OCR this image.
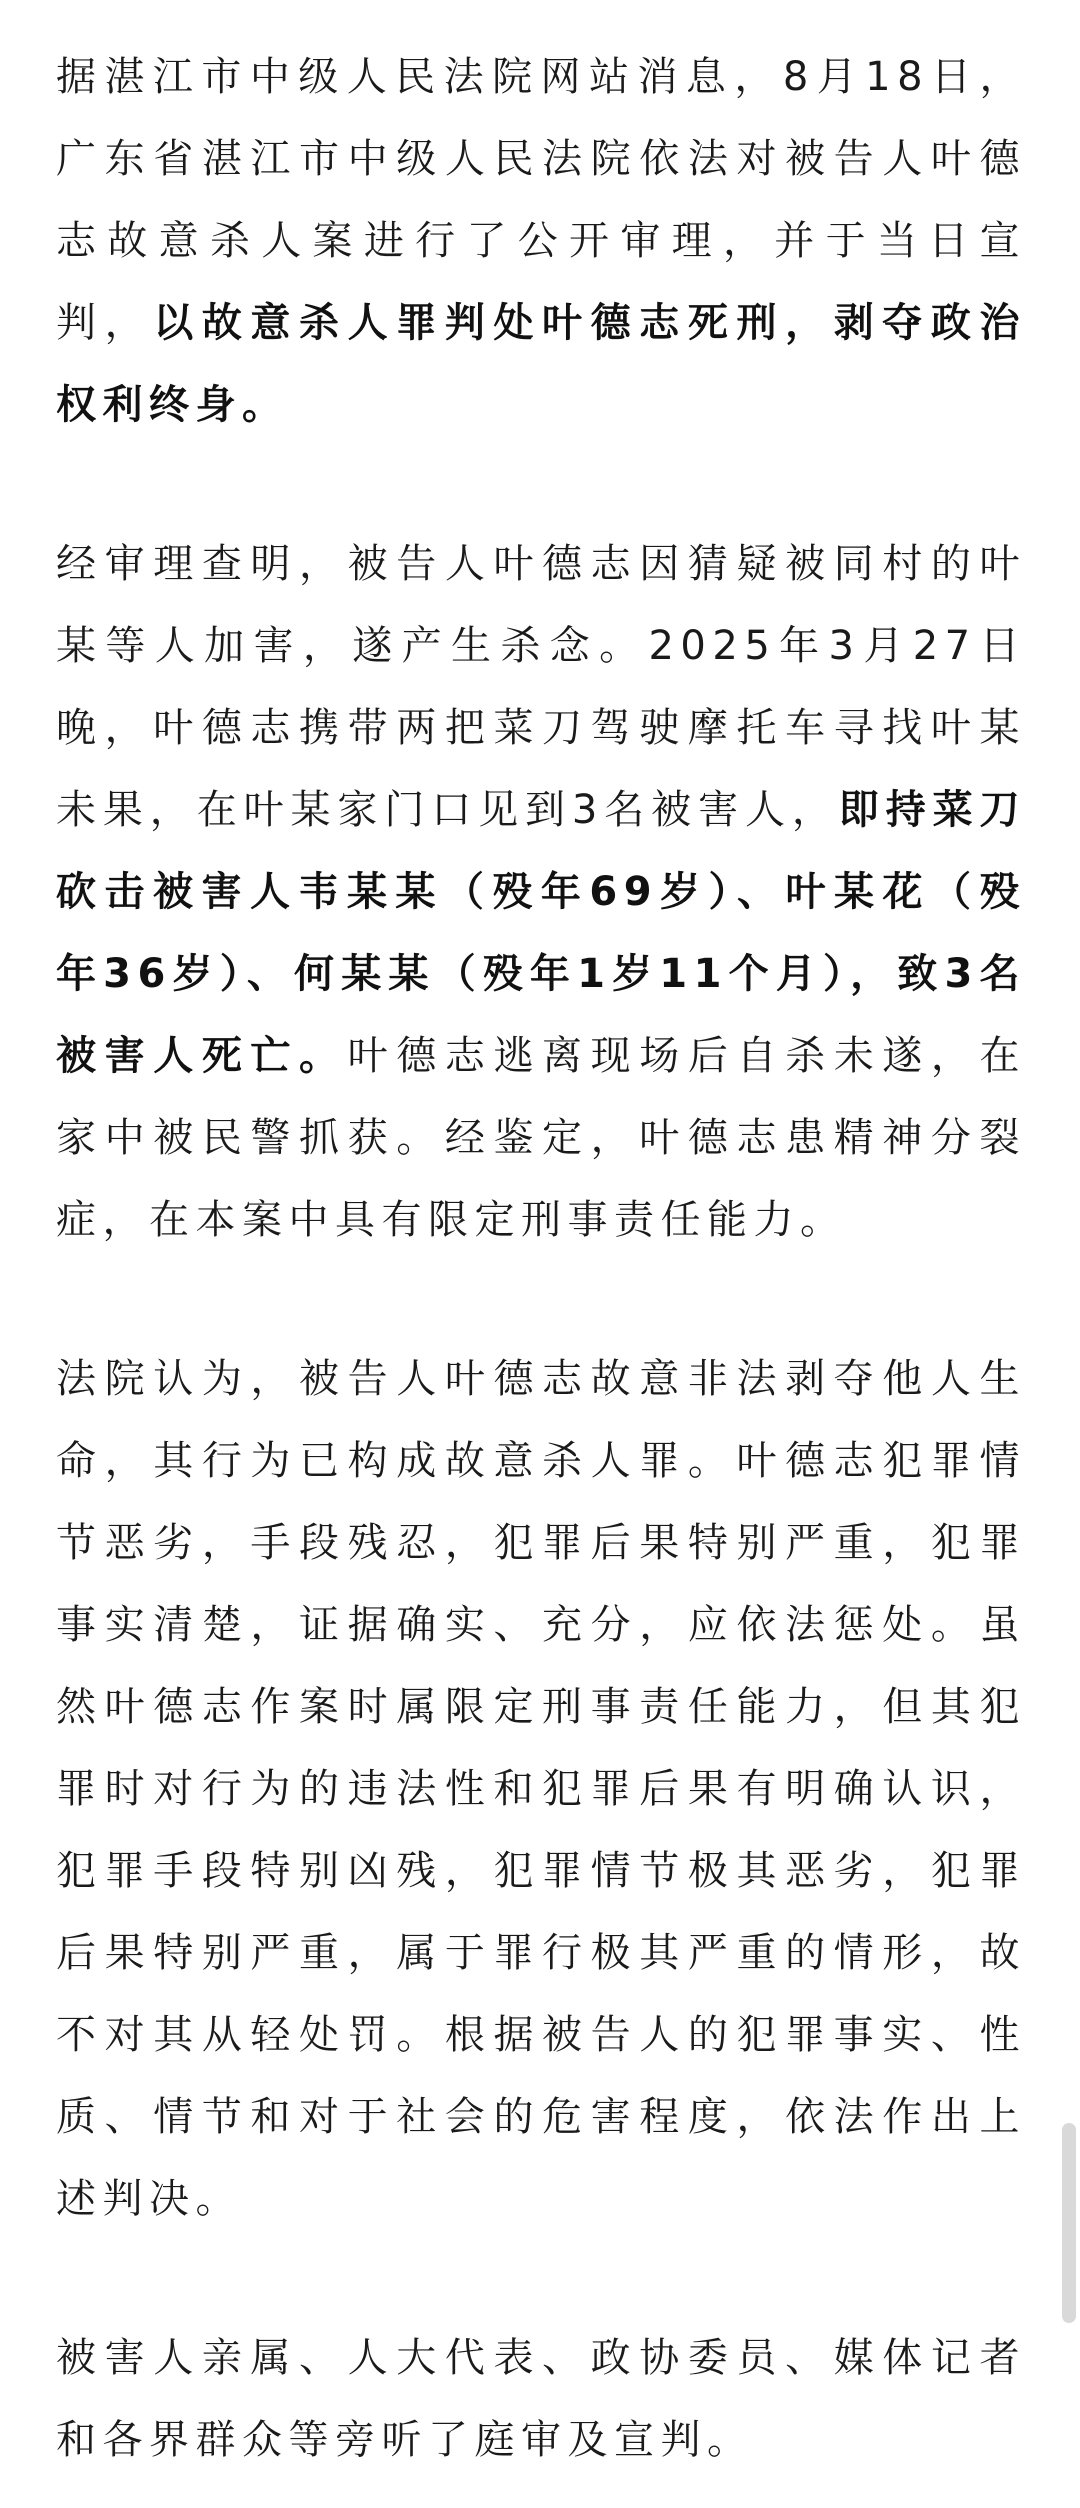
据湛江市中级人民法院网站消息，8月18日，广东省湛江市中级人民法院依法对被告人叶德志故意杀人案进行了公开审理，并于当日宣判，以故意杀人罪判处叶德志死刑，剥夺政治权利终身。

经审理查明，被告人叶德志因猜疑被同村的叶某等人加害，遂产生杀念。2025年3月27日晚，叶德志携带两把菜刀驾驶摩托车寻找叶某未果，在叶某家门口见到3名被害人，即持菜刀砍击被害人韦某某（殁年69岁）、叶某花（殁年36岁）、何某某（殁年1岁11个月），致3名被害人死亡。叶德志逃离现场后自杀未遂，在家中被民警抓获。经鉴定，叶德志患精神分裂症，在本案中具有限定刑事责任能力。

法院认为，被告人叶德志故意非法剥夺他人生命，其行为已构成故意杀人罪。叶德志犯罪情节恶劣，手段残忍，犯罪后果特别严重，犯罪事实清楚，证据确实、充分，应依法惩处。虽然叶德志作案时属限定刑事责任能力，但其犯罪时对行为的违法性和犯罪后果有明确认识，犯罪手段特别凶残，犯罪情节极其恶劣，犯罪后果特别严重，属于罪行极其严重的情形，故不对其从轻处罚。根据被告人的犯罪事实、性质、情节和对于社会的危害程度，依法作出上述判决。

被害人亲属、人大代表、政协委员、媒体记者和各界群众等旁听了庭审及宣判。
